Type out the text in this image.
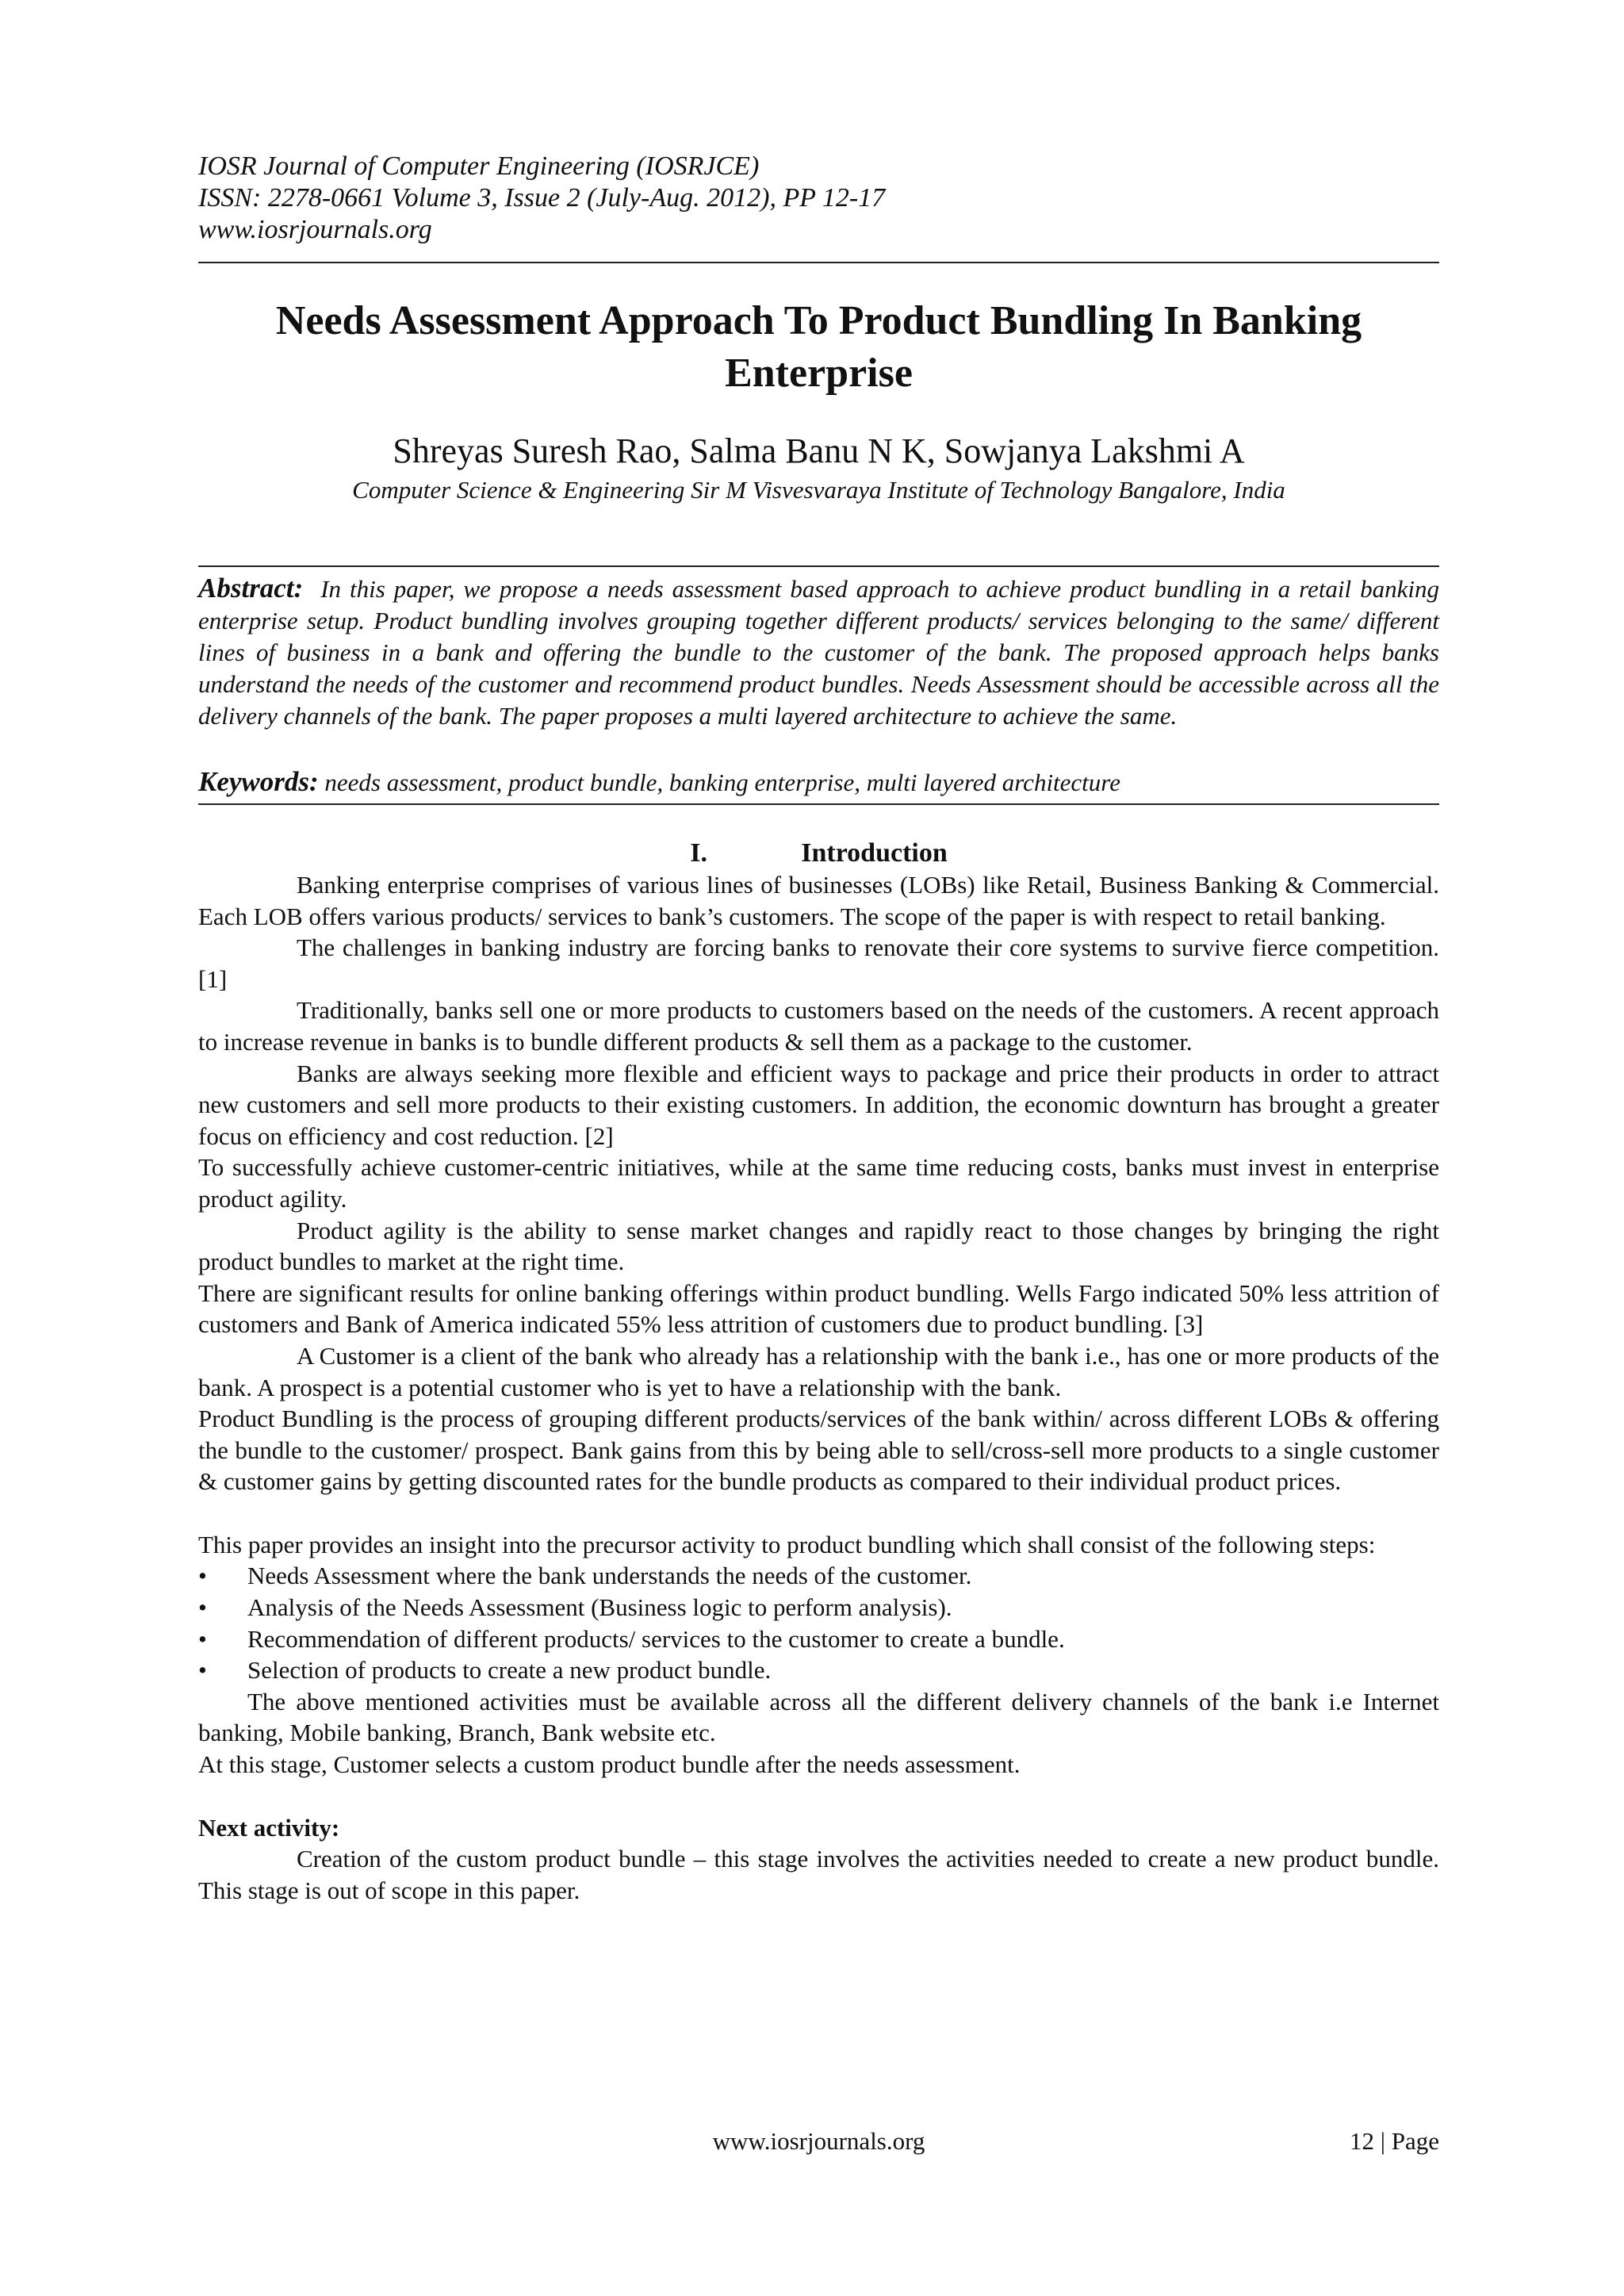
IOSR Journal of Computer Engineering (IOSRJCE)
ISSN: 2278-0661 Volume 3, Issue 2 (July-Aug. 2012), PP 12-17
www.iosrjournals.org
Needs Assessment Approach To Product Bundling In Banking
Enterprise
Shreyas Suresh Rao, Salma Banu N K, Sowjanya Lakshmi A
Computer Science & Engineering Sir M Visvesvaraya Institute of Technology Bangalore, India
Abstract: In this paper, we propose a needs assessment based approach to achieve product bundling in a retail banking enterprise setup. Product bundling involves grouping together different products/ services belonging to the same/ different lines of business in a bank and offering the bundle to the customer of the bank. The proposed approach helps banks understand the needs of the customer and recommend product bundles. Needs Assessment should be accessible across all the delivery channels of the bank. The paper proposes a multi layered architecture to achieve the same.
Keywords: needs assessment, product bundle, banking enterprise, multi layered architecture
I.	Introduction

Banking enterprise comprises of various lines of businesses (LOBs) like Retail, Business Banking & Commercial. Each LOB offers various products/ services to bank’s customers. The scope of the paper is with respect to retail banking.

The challenges in banking industry are forcing banks to renovate their core systems to survive fierce competition. [1]

Traditionally, banks sell one or more products to customers based on the needs of the customers. A recent approach to increase revenue in banks is to bundle different products & sell them as a package to the customer.

Banks are always seeking more flexible and efficient ways to package and price their products in order to attract new customers and sell more products to their existing customers. In addition, the economic downturn has brought a greater focus on efficiency and cost reduction. [2]

To successfully achieve customer-centric initiatives, while at the same time reducing costs, banks must invest in enterprise product agility.

Product agility is the ability to sense market changes and rapidly react to those changes by bringing the right product bundles to market at the right time.

There are significant results for online banking offerings within product bundling. Wells Fargo indicated 50% less attrition of customers and Bank of America indicated 55% less attrition of customers due to product bundling. [3]

A Customer is a client of the bank who already has a relationship with the bank i.e., has one or more products of the bank. A prospect is a potential customer who is yet to have a relationship with the bank.

Product Bundling is the process of grouping different products/services of the bank within/ across different LOBs & offering the bundle to the customer/ prospect. Bank gains from this by being able to sell/cross-sell more products to a single customer & customer gains by getting discounted rates for the bundle products as compared to their individual product prices.

This paper provides an insight into the precursor activity to product bundling which shall consist of the following steps:

•	Needs Assessment where the bank understands the needs of the customer.
•	Analysis of the Needs Assessment (Business logic to perform analysis).
•	Recommendation of different products/ services to the customer to create a bundle.
•	Selection of products to create a new product bundle.

The above mentioned activities must be available across all the different delivery channels of the bank i.e Internet banking, Mobile banking, Branch, Bank website etc.

At this stage, Customer selects a custom product bundle after the needs assessment.

Next activity:

Creation of the custom product bundle – this stage involves the activities needed to create a new product bundle. This stage is out of scope in this paper.

www.iosrjournals.org	12 | Page
